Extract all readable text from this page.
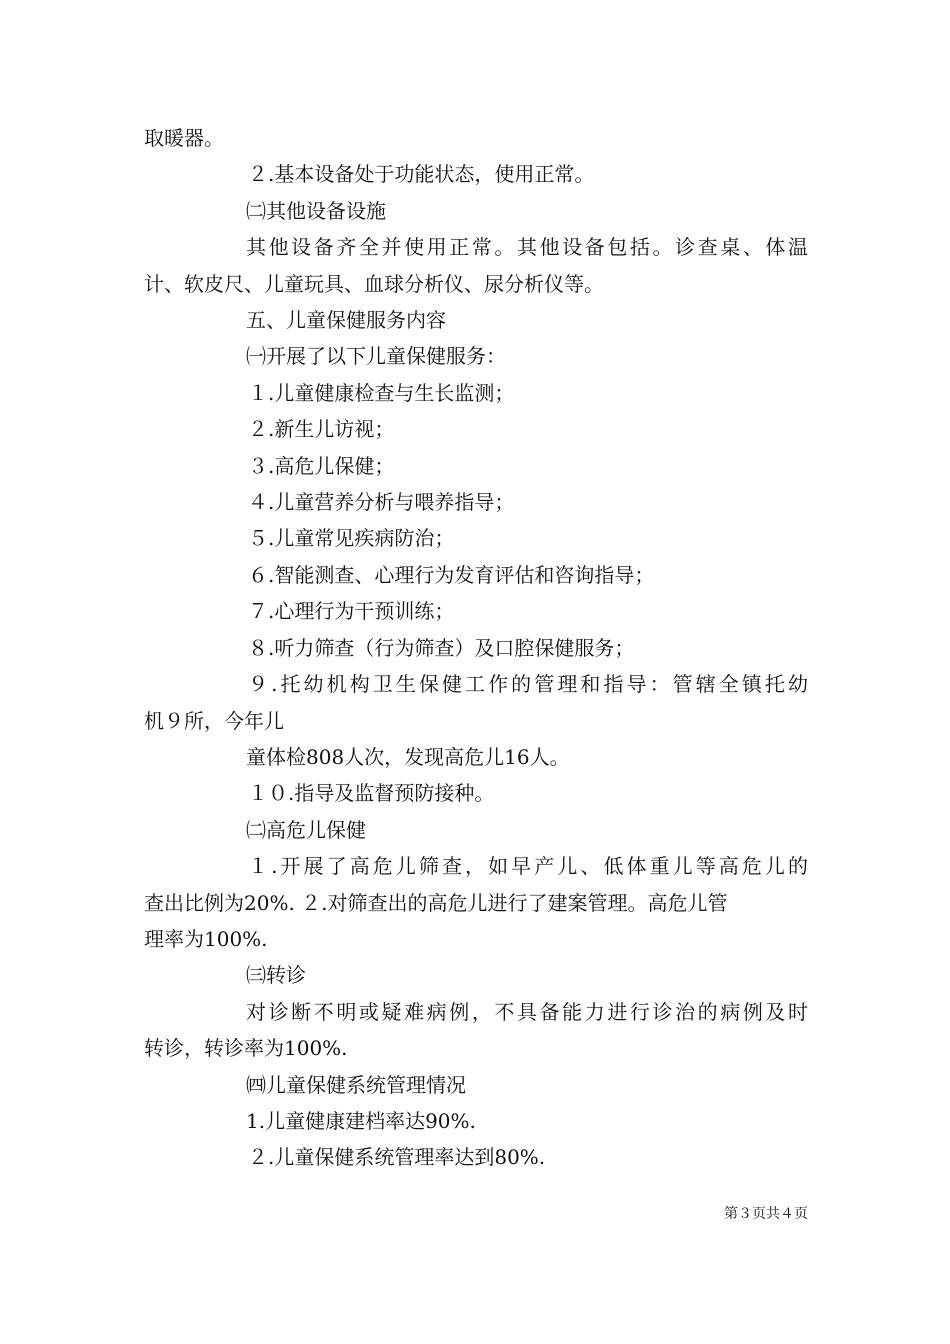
取暖器。

２.基本设备处于功能状态，使用正常。

㈡其他设备设施

其他设备齐全并使用正常。其他设备包括。诊查桌、体温

计、软皮尺、儿童玩具、血球分析仪、尿分析仪等。

五、儿童保健服务内容

㈠开展了以下儿童保健服务：

１.儿童健康检查与生长监测；

２.新生儿访视；

３.高危儿保健；

４.儿童营养分析与喂养指导；

５.儿童常见疾病防治；

６.智能测查、心理行为发育评估和咨询指导；

７.心理行为干预训练；

８.听力筛查（行为筛查）及口腔保健服务；

９.托幼机构卫生保健工作的管理和指导：管辖全镇托幼

机９所，今年儿

童体检808人次，发现高危儿16人。

１０.指导及监督预防接种。

㈡高危儿保健

１.开展了高危儿筛查，如早产儿、低体重儿等高危儿的

查出比例为20%. ２.对筛查出的高危儿进行了建案管理。高危儿管

理率为100%.

㈢转诊

对诊断不明或疑难病例，不具备能力进行诊治的病例及时

转诊，转诊率为100%.

㈣儿童保健系统管理情况

1.儿童健康建档率达90%.

２.儿童保健系统管理率达到80%.

第３页共４页
